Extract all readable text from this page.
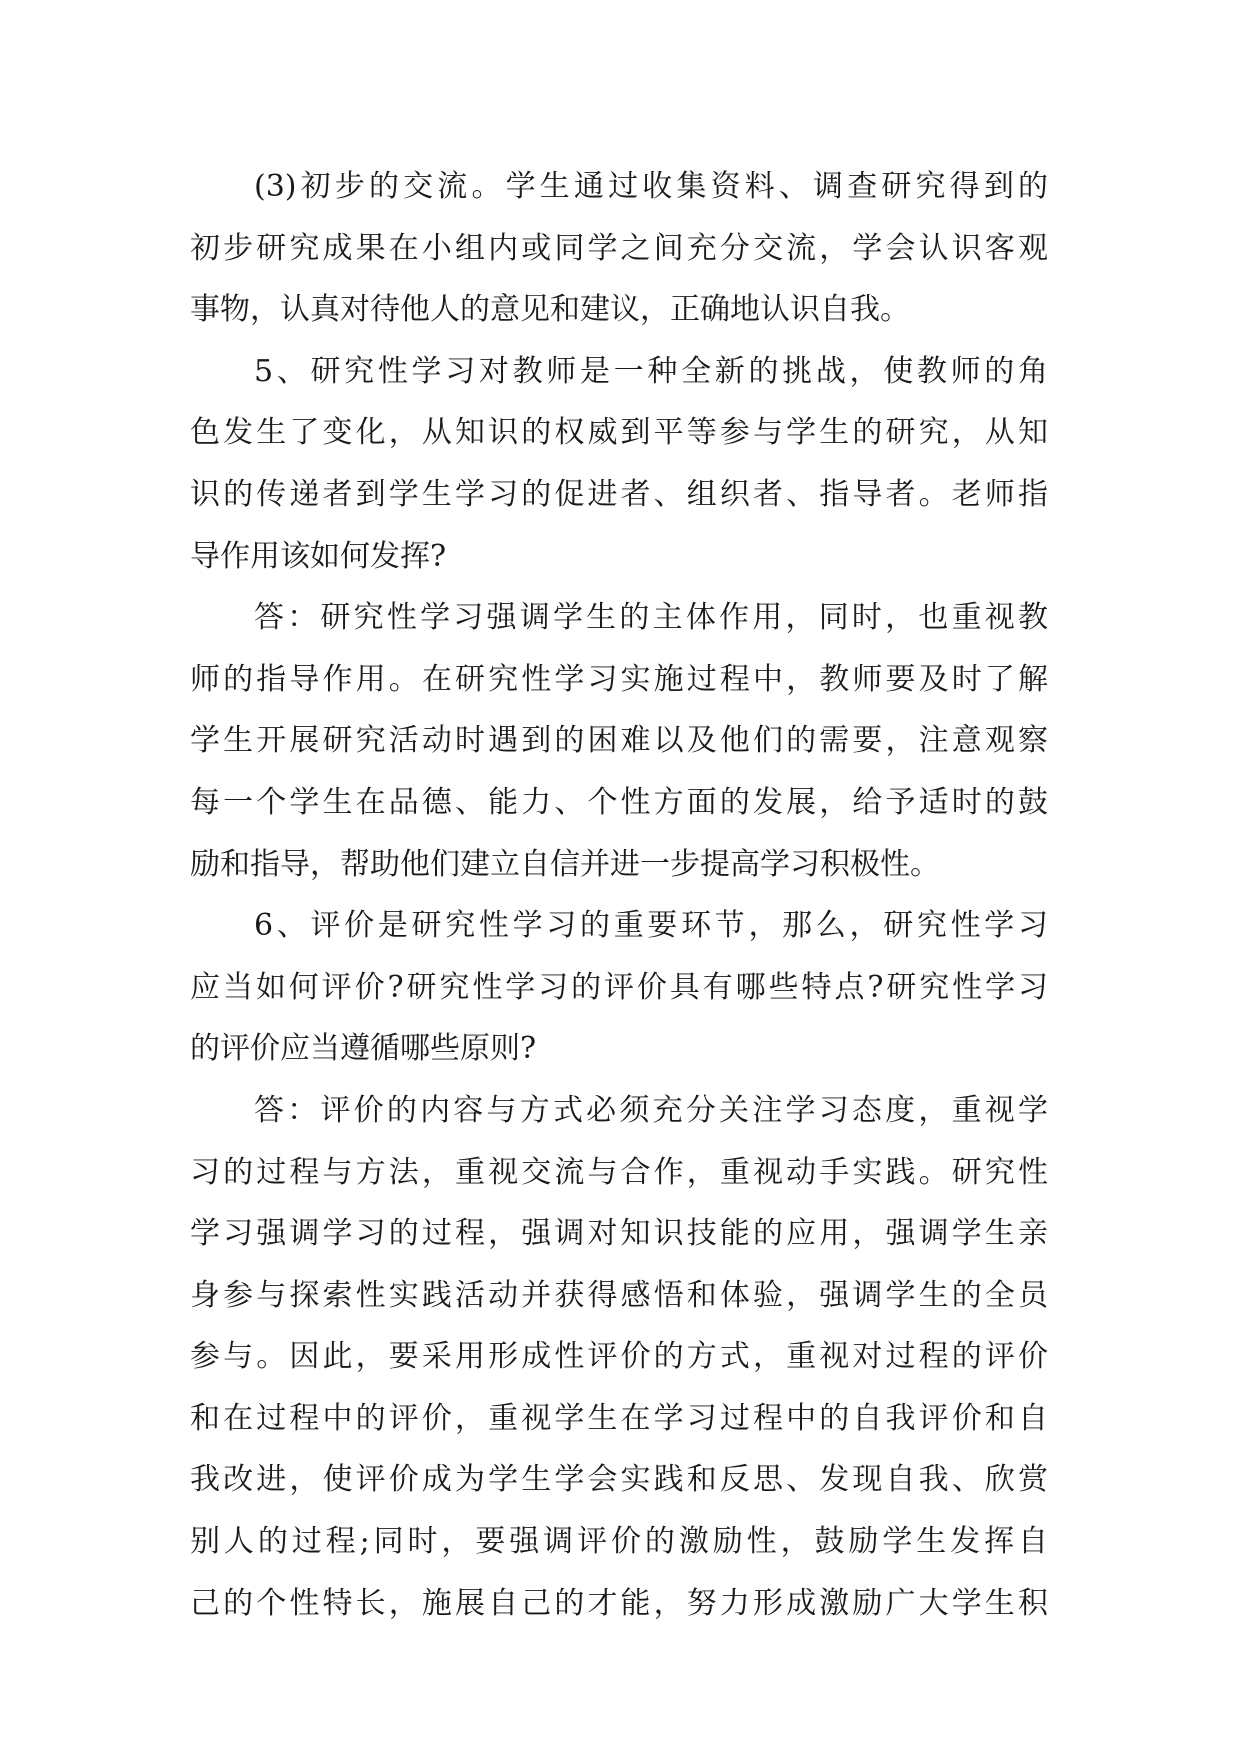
(3)初步的交流。学生通过收集资料、调查研究得到的
初步研究成果在小组内或同学之间充分交流，学会认识客观
事物，认真对待他人的意见和建议，正确地认识自我。
5、研究性学习对教师是一种全新的挑战，使教师的角
色发生了变化，从知识的权威到平等参与学生的研究，从知
识的传递者到学生学习的促进者、组织者、指导者。老师指
导作用该如何发挥?
答：研究性学习强调学生的主体作用，同时，也重视教
师的指导作用。在研究性学习实施过程中，教师要及时了解
学生开展研究活动时遇到的困难以及他们的需要，注意观察
每一个学生在品德、能力、个性方面的发展，给予适时的鼓
励和指导，帮助他们建立自信并进一步提高学习积极性。
6、评价是研究性学习的重要环节，那么，研究性学习
应当如何评价?研究性学习的评价具有哪些特点?研究性学习
的评价应当遵循哪些原则?
答：评价的内容与方式必须充分关注学习态度，重视学
习的过程与方法，重视交流与合作，重视动手实践。研究性
学习强调学习的过程，强调对知识技能的应用，强调学生亲
身参与探索性实践活动并获得感悟和体验，强调学生的全员
参与。因此，要采用形成性评价的方式，重视对过程的评价
和在过程中的评价，重视学生在学习过程中的自我评价和自
我改进，使评价成为学生学会实践和反思、发现自我、欣赏
别人的过程;同时，要强调评价的激励性，鼓励学生发挥自
己的个性特长，施展自己的才能，努力形成激励广大学生积
